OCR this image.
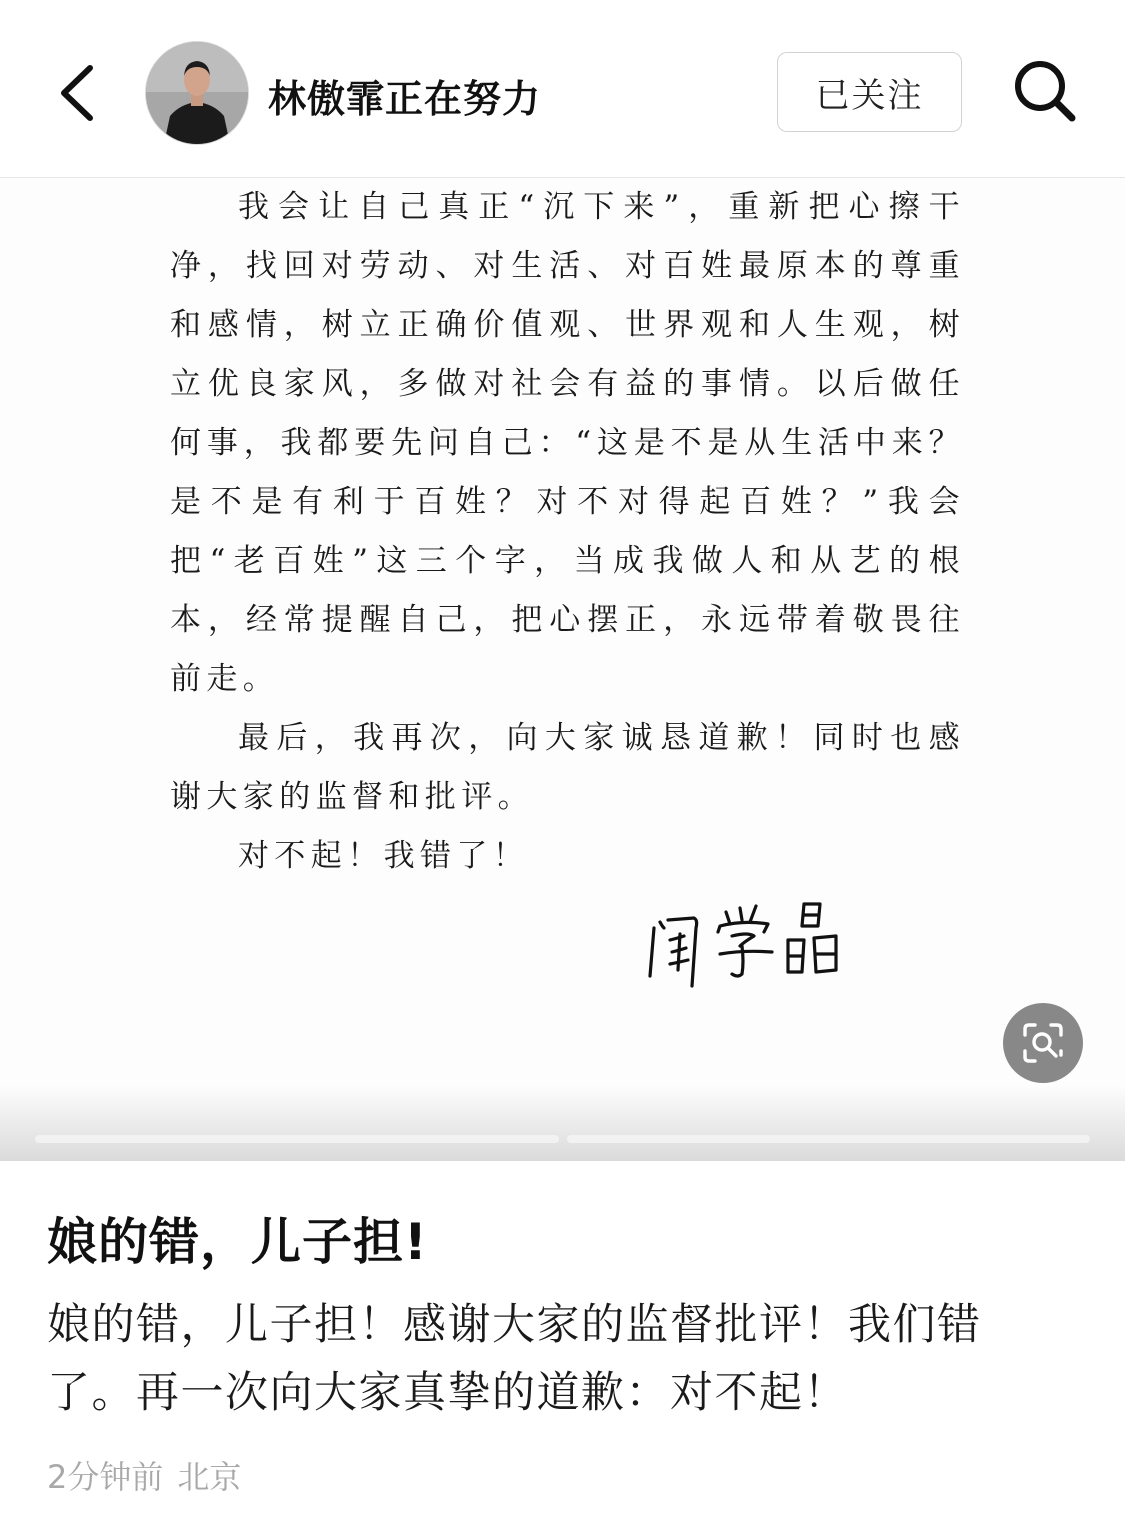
林傲霏正在努力	已关注

我会让自己真正“沉下来”，重新把心擦干净，找回对劳动、对生活、对百姓最原本的尊重和感情，树立正确价值观、世界观和人生观，树立优良家风，多做对社会有益的事情。以后做任何事，我都要先问自己：“这是不是从生活中来？是不是有利于百姓？对不对得起百姓？”我会把“老百姓”这三个字，当成我做人和从艺的根本，经常提醒自己，把心摆正，永远带着敬畏往前走。

最后，我再次，向大家诚恳道歉！同时也感谢大家的监督和批评。

对不起！我错了！

娘的错，儿子担!
娘的错，儿子担！感谢大家的监督批评！我们错了。再一次向大家真挚的道歉：对不起！
2分钟前 北京
